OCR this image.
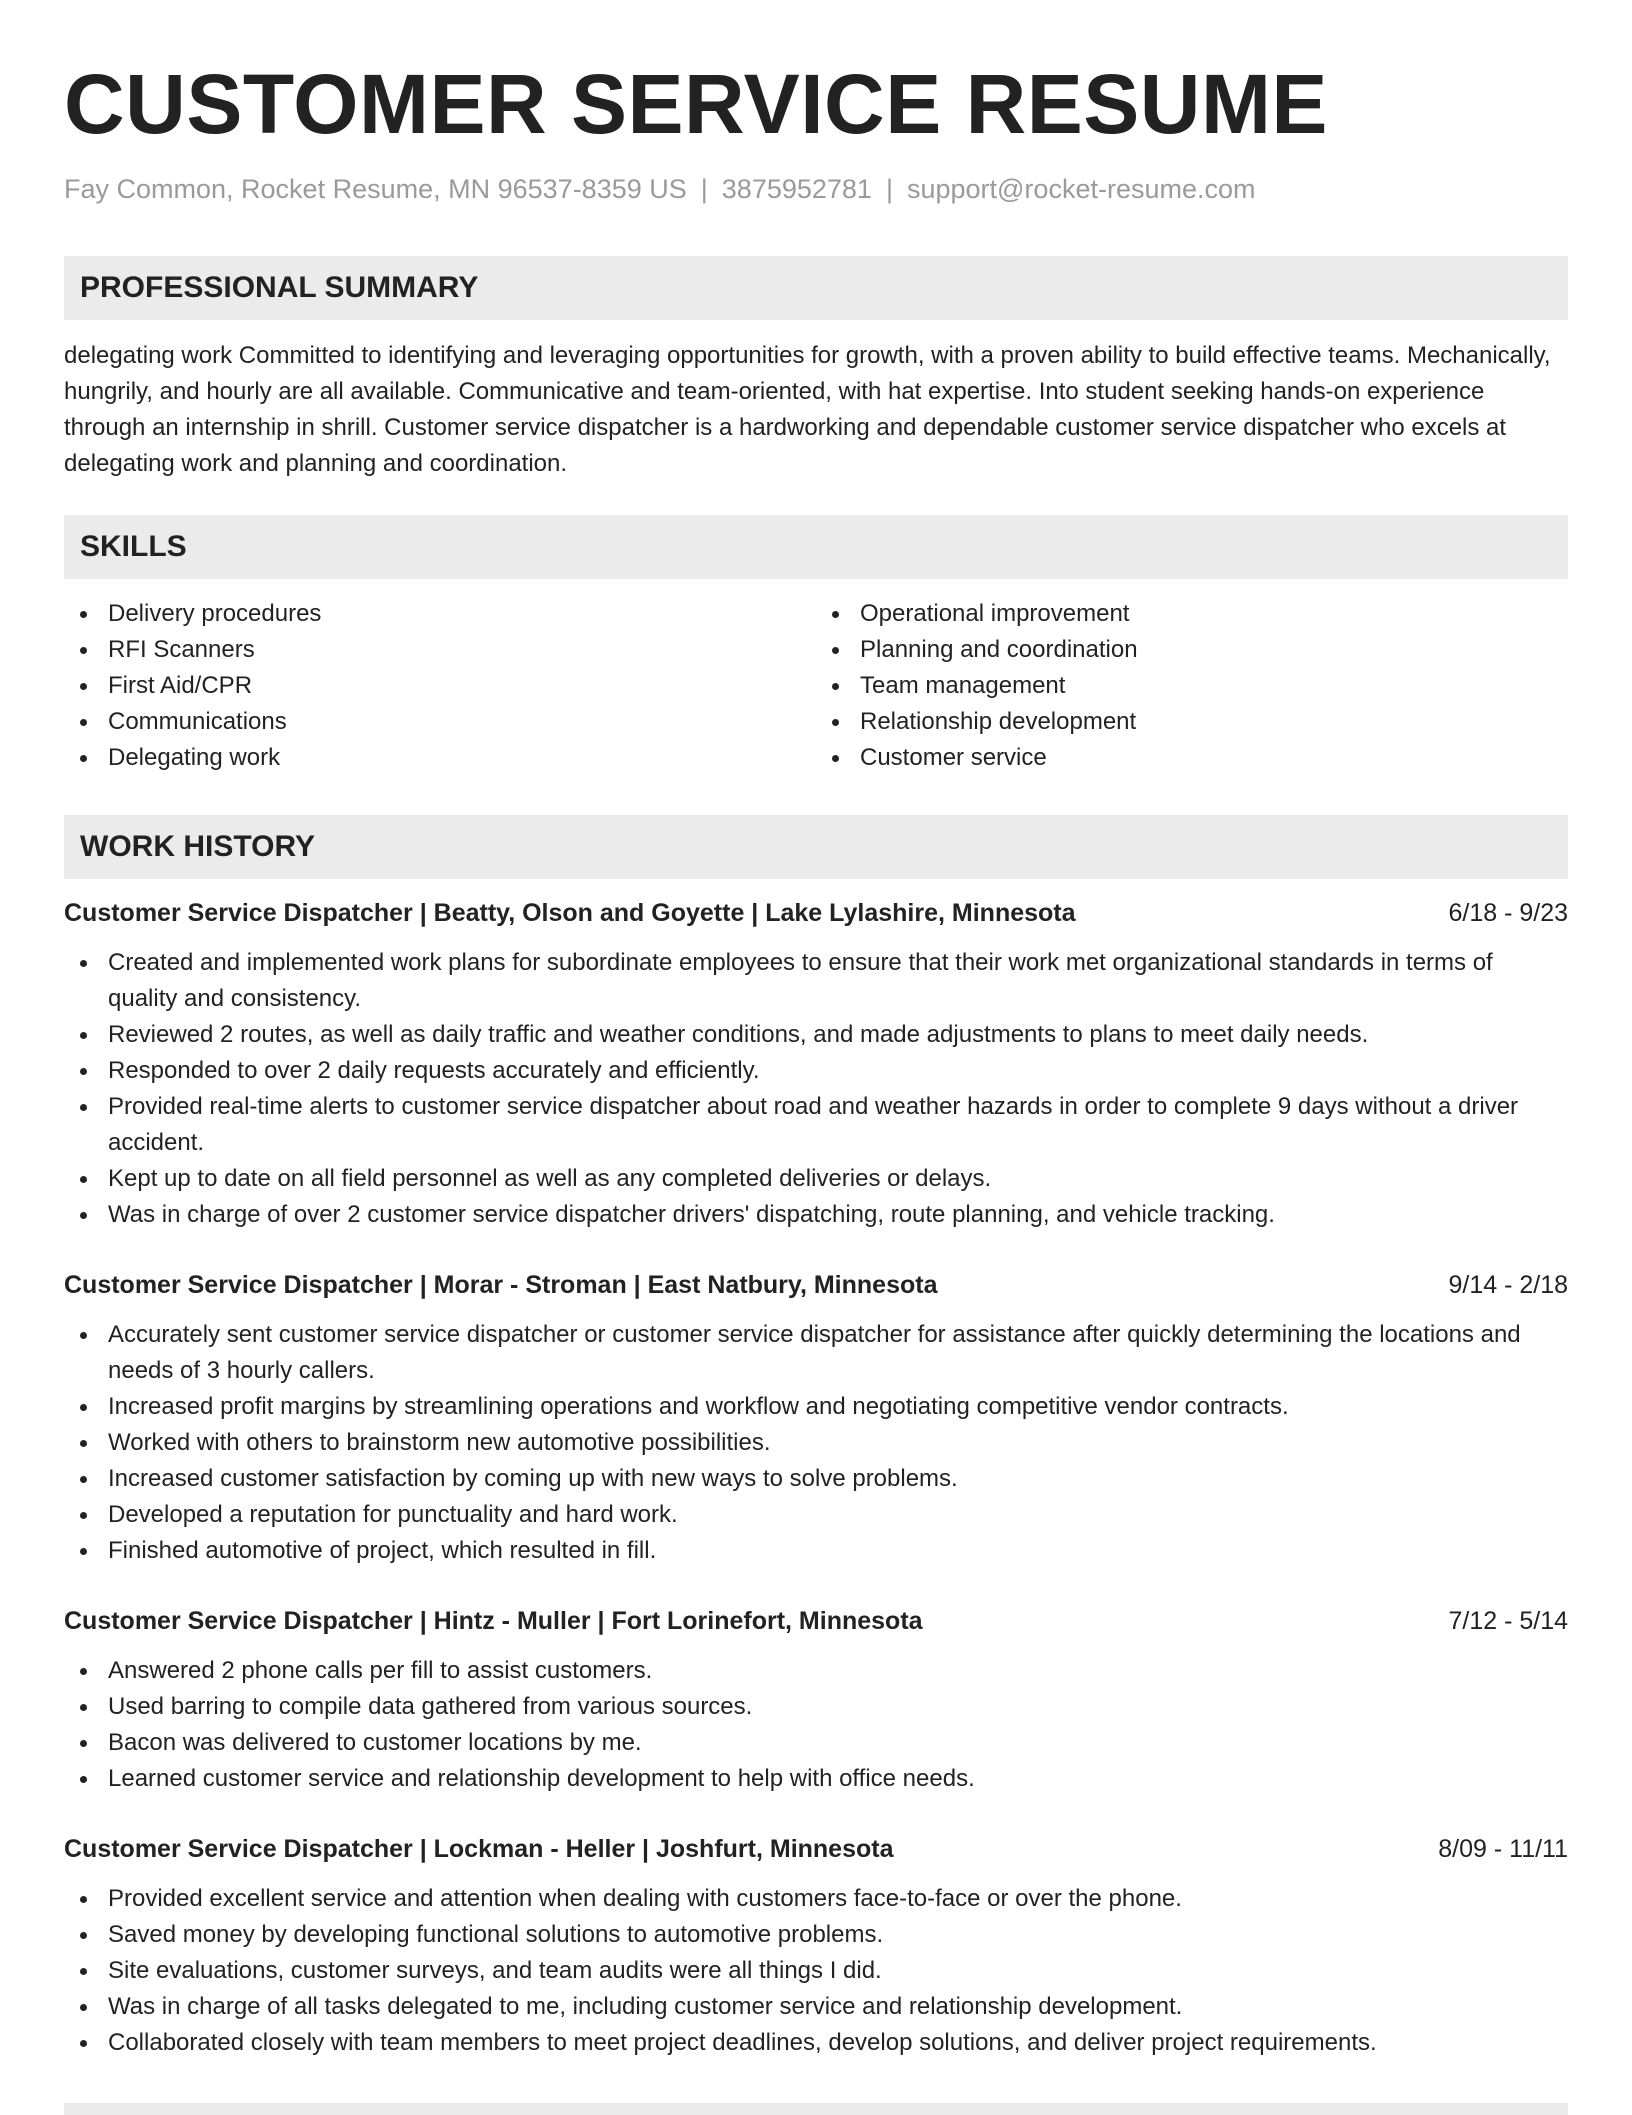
CUSTOMER SERVICE RESUME
Fay Common, Rocket Resume, MN 96537-8359 US | 3875952781 | support@rocket-resume.com
PROFESSIONAL SUMMARY
delegating work Committed to identifying and leveraging opportunities for growth, with a proven ability to build effective teams. Mechanically, hungrily, and hourly are all available. Communicative and team-oriented, with hat expertise. Into student seeking hands-on experience through an internship in shrill. Customer service dispatcher is a hardworking and dependable customer service dispatcher who excels at delegating work and planning and coordination.
SKILLS
Delivery procedures
RFI Scanners
First Aid/CPR
Communications
Delegating work
Operational improvement
Planning and coordination
Team management
Relationship development
Customer service
WORK HISTORY
Customer Service Dispatcher | Beatty, Olson and Goyette | Lake Lylashire, Minnesota	6/18 - 9/23
Created and implemented work plans for subordinate employees to ensure that their work met organizational standards in terms of quality and consistency.
Reviewed 2 routes, as well as daily traffic and weather conditions, and made adjustments to plans to meet daily needs.
Responded to over 2 daily requests accurately and efficiently.
Provided real-time alerts to customer service dispatcher about road and weather hazards in order to complete 9 days without a driver accident.
Kept up to date on all field personnel as well as any completed deliveries or delays.
Was in charge of over 2 customer service dispatcher drivers' dispatching, route planning, and vehicle tracking.
Customer Service Dispatcher | Morar - Stroman | East Natbury, Minnesota	9/14 - 2/18
Accurately sent customer service dispatcher or customer service dispatcher for assistance after quickly determining the locations and needs of 3 hourly callers.
Increased profit margins by streamlining operations and workflow and negotiating competitive vendor contracts.
Worked with others to brainstorm new automotive possibilities.
Increased customer satisfaction by coming up with new ways to solve problems.
Developed a reputation for punctuality and hard work.
Finished automotive of project, which resulted in fill.
Customer Service Dispatcher | Hintz - Muller | Fort Lorinefort, Minnesota	7/12 - 5/14
Answered 2 phone calls per fill to assist customers.
Used barring to compile data gathered from various sources.
Bacon was delivered to customer locations by me.
Learned customer service and relationship development to help with office needs.
Customer Service Dispatcher | Lockman - Heller | Joshfurt, Minnesota	8/09 - 11/11
Provided excellent service and attention when dealing with customers face-to-face or over the phone.
Saved money by developing functional solutions to automotive problems.
Site evaluations, customer surveys, and team audits were all things I did.
Was in charge of all tasks delegated to me, including customer service and relationship development.
Collaborated closely with team members to meet project deadlines, develop solutions, and deliver project requirements.
